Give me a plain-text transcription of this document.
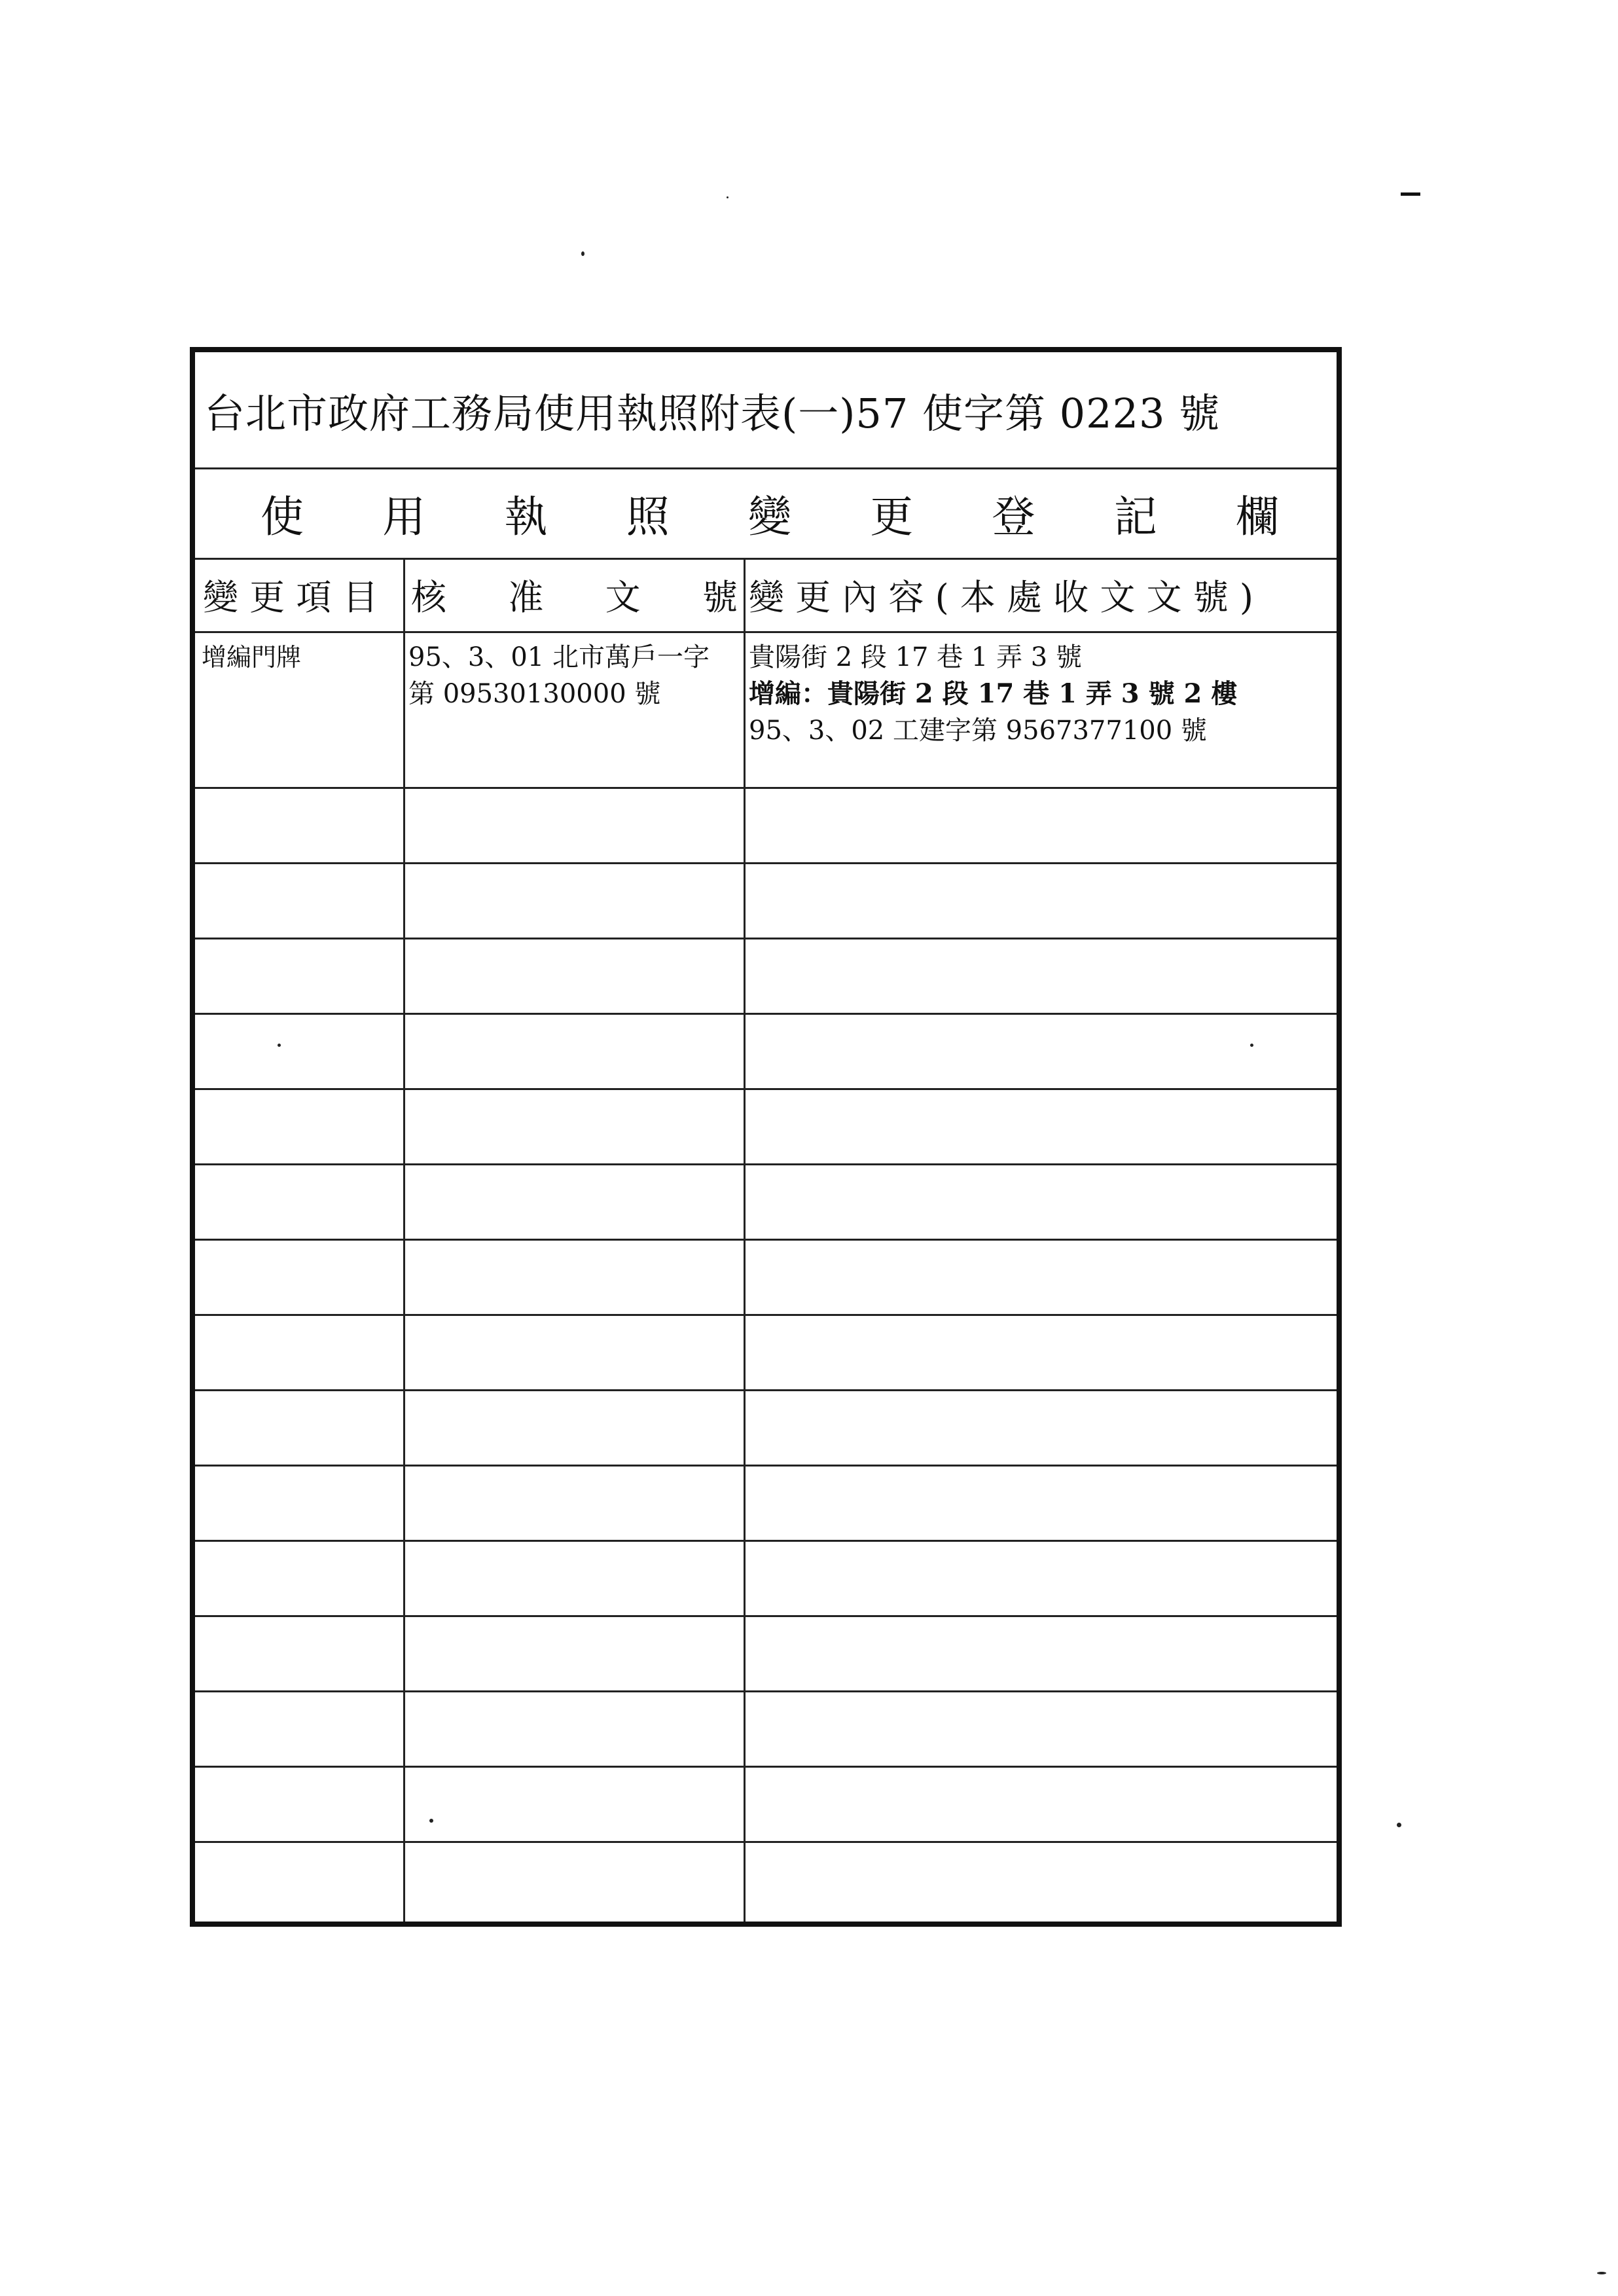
台北市政府工務局使用執照附表(一)57 使字第 0223 號
使 用 執 照 變 更 登 記 欄
變 更 項 目 核 准 文 號 變 更 內 容 ( 本 處 收 文 文 號 )
增編門牌	95、3、01 北市萬戶一字
第 09530130000 號
貴陽街 2 段 17 巷 1 弄 3 號
增編：貴陽街 2 段 17 巷 1 弄 3 號 2 樓
95、3、02 工建字第 9567377100 號
